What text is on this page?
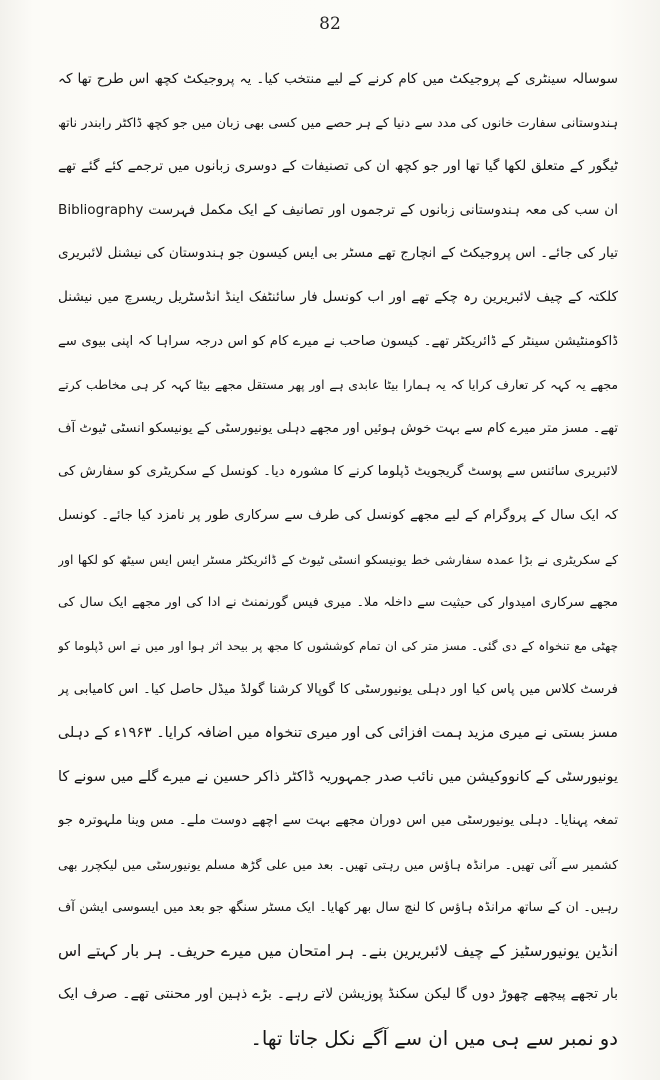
82
سوسالہ سینٹری کے پروجیکٹ میں کام کرنے کے لیے منتخب کیا۔ یہ پروجیکٹ کچھ اس طرح تھا کہ
ہندوستانی سفارت خانوں کی مدد سے دنیا کے ہر حصے میں کسی بھی زبان میں جو کچھ ڈاکٹر رابندر ناتھ
ٹیگور کے متعلق لکھا گیا تھا اور جو کچھ ان کی تصنیفات کے دوسری زبانوں میں ترجمے کئے گئے تھے
ان سب کی معہ ہندوستانی زبانوں کے ترجموں اور تصانیف کے ایک مکمل فہرست Bibliography
تیار کی جائے۔ اس پروجیکٹ کے انچارج تھے مسٹر بی ایس کیسون جو ہندوستان کی نیشنل لائبریری
کلکتہ کے چیف لائبریرین رہ چکے تھے اور اب کونسل فار سائنٹفک اینڈ انڈسٹریل ریسرچ میں نیشنل
ڈاکومنٹیشن سینٹر کے ڈائریکٹر تھے۔ کیسون صاحب نے میرے کام کو اس درجہ سراہا کہ اپنی بیوی سے
مجھے یہ کہہ کر تعارف کرایا کہ یہ ہمارا بیٹا عابدی ہے اور پھر مستقل مجھے بیٹا کہہ کر ہی مخاطب کرتے
تھے۔ مسز متر میرے کام سے بہت خوش ہوئیں اور مجھے دہلی یونیورسٹی کے یونیسکو انسٹی ٹیوٹ آف
لائبریری سائنس سے پوسٹ گریجویٹ ڈپلوما کرنے کا مشورہ دیا۔ کونسل کے سکریٹری کو سفارش کی
کہ ایک سال کے پروگرام کے لیے مجھے کونسل کی طرف سے سرکاری طور پر نامزد کیا جائے۔ کونسل
کے سکریٹری نے بڑا عمدہ سفارشی خط یونیسکو انسٹی ٹیوٹ کے ڈائریکٹر مسٹر ایس ایس سیٹھ کو لکھا اور
مجھے سرکاری امیدوار کی حیثیت سے داخلہ ملا۔ میری فیس گورنمنٹ نے ادا کی اور مجھے ایک سال کی
چھٹی مع تنخواہ کے دی گئی۔ مسز متر کی ان تمام کوششوں کا مجھ پر بیحد اثر ہوا اور میں نے اس ڈپلوما کو
فرسٹ کلاس میں پاس کیا اور دہلی یونیورسٹی کا گوپالا کرشنا گولڈ میڈل حاصل کیا۔ اس کامیابی پر
مسز بستی نے میری مزید ہمت افزائی کی اور میری تنخواہ میں اضافہ کرایا۔ ۱۹۶۳ء کے دہلی
یونیورسٹی کے کانووکیشن میں نائب صدر جمہوریہ ڈاکٹر ذاکر حسین نے میرے گلے میں سونے کا
تمغہ پہنایا۔ دہلی یونیورسٹی میں اس دوران مجھے بہت سے اچھے دوست ملے۔ مس وینا ملہوترہ جو
کشمیر سے آئی تھیں۔ مرانڈہ ہاؤس میں رہتی تھیں۔ بعد میں علی گڑھ مسلم یونیورسٹی میں لیکچرر بھی
رہیں۔ ان کے ساتھ مرانڈہ ہاؤس کا لنچ سال بھر کھایا۔ ایک مسٹر سنگھ جو بعد میں ایسوسی ایشن آف
انڈین یونیورسٹیز کے چیف لائبریرین بنے۔ ہر امتحان میں میرے حریف۔ ہر بار کہتے اس
بار تجھے پیچھے چھوڑ دوں گا لیکن سکنڈ پوزیشن لاتے رہے۔ بڑے ذہین اور محنتی تھے۔ صرف ایک
دو نمبر سے ہی میں ان سے آگے نکل جاتا تھا۔
